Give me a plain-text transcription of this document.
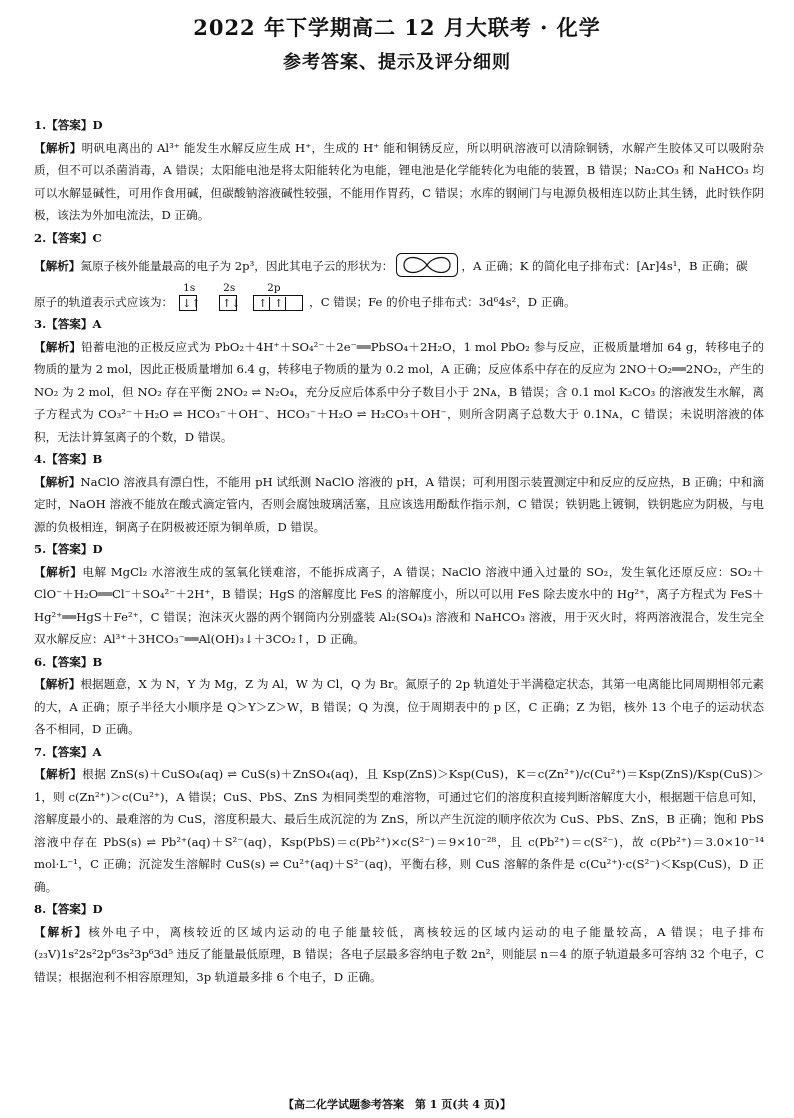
2022 年下学期高二 12 月大联考 · 化学
参考答案、提示及评分细则
1.【答案】D
【解析】明矾电离出的 Al³⁺ 能发生水解反应生成 H⁺，生成的 H⁺ 能和铜锈反应，所以明矾溶液可以清除铜锈，水解产生胶体又可以吸附杂质，但不可以杀菌消毒，A 错误；太阳能电池是将太阳能转化为电能，锂电池是化学能转化为电能的装置，B 错误；Na₂CO₃ 和 NaHCO₃ 均可以水解显碱性，可用作食用碱，但碳酸钠溶液碱性较强，不能用作胃药，C 错误；水库的钢闸门与电源负极相连以防止其生锈，此时铁作阴极，该法为外加电流法，D 正确。
2.【答案】C
【解析】 氮原子核外能量最高的电子为 2p³，因此其电子云的形状为：	，A 正确；K 的简化电子排布式：[Ar]4s¹，B 正确；碳
原子的轨道表示式应该为：
1s	2s	2p
↓↑ ↑↓ ↑ ↑ ，C 错误；Fe 的价电子排布式：3d⁶4s²，D 正确。
3.【答案】A
【解析】铅蓄电池的正极反应式为 PbO₂＋4H⁺＋SO₄²⁻＋2e⁻══PbSO₄＋2H₂O，1 mol PbO₂ 参与反应，正极质量增加 64 g，转移电子的物质的量为 2 mol，因此正极质量增加 6.4 g，转移电子物质的量为 0.2 mol，A 正确；反应体系中存在的反应为 2NO＋O₂══2NO₂，产生的 NO₂ 为 2 mol，但 NO₂ 存在平衡 2NO₂ ⇌ N₂O₄，充分反应后体系中分子数目小于 2Nᴀ，B 错误；含 0.1 mol K₂CO₃ 的溶液发生水解，离子方程式为 CO₃²⁻＋H₂O ⇌ HCO₃⁻＋OH⁻、HCO₃⁻＋H₂O ⇌ H₂CO₃＋OH⁻，则所含阴离子总数大于 0.1Nᴀ，C 错误；未说明溶液的体积，无法计算氢离子的个数，D 错误。
4.【答案】B
【解析】NaClO 溶液具有漂白性，不能用 pH 试纸测 NaClO 溶液的 pH，A 错误；可利用图示装置测定中和反应的反应热，B 正确；中和滴定时，NaOH 溶液不能放在酸式滴定管内，否则会腐蚀玻璃活塞，且应该选用酚酞作指示剂，C 错误；铁钥匙上镀铜，铁钥匙应为阴极，与电源的负极相连，铜离子在阴极被还原为铜单质，D 错误。
5.【答案】D
【解析】电解 MgCl₂ 水溶液生成的氢氧化镁难溶，不能拆成离子，A 错误；NaClO 溶液中通入过量的 SO₂，发生氧化还原反应：SO₂＋ClO⁻＋H₂O══Cl⁻＋SO₄²⁻＋2H⁺，B 错误；HgS 的溶解度比 FeS 的溶解度小，所以可以用 FeS 除去废水中的 Hg²⁺，离子方程式为 FeS＋Hg²⁺══HgS＋Fe²⁺，C 错误；泡沫灭火器的两个钢筒内分别盛装 Al₂(SO₄)₃ 溶液和 NaHCO₃ 溶液，用于灭火时，将两溶液混合，发生完全双水解反应：Al³⁺＋3HCO₃⁻══Al(OH)₃↓＋3CO₂↑，D 正确。
6.【答案】B
【解析】根据题意，X 为 N，Y 为 Mg，Z 为 Al，W 为 Cl，Q 为 Br。氮原子的 2p 轨道处于半满稳定状态，其第一电离能比同周期相邻元素的大，A 正确；原子半径大小顺序是 Q＞Y＞Z＞W，B 错误；Q 为溴，位于周期表中的 p 区，C 正确；Z 为铝，核外 13 个电子的运动状态各不相同，D 正确。
7.【答案】A
【解析】根据 ZnS(s)＋CuSO₄(aq) ⇌ CuS(s)＋ZnSO₄(aq)，且 Ksp(ZnS)＞Ksp(CuS)，K＝c(Zn²⁺)/c(Cu²⁺)＝Ksp(ZnS)/Ksp(CuS)＞1，则 c(Zn²⁺)＞c(Cu²⁺)，A 错误；CuS、PbS、ZnS 为相同类型的难溶物，可通过它们的溶度积直接判断溶解度大小，根据题干信息可知，溶解度最小的、最难溶的为 CuS，溶度积最大、最后生成沉淀的为 ZnS，所以产生沉淀的顺序依次为 CuS、PbS、ZnS，B 正确；饱和 PbS 溶液中存在 PbS(s) ⇌ Pb²⁺(aq)＋S²⁻(aq)，Ksp(PbS)＝c(Pb²⁺)×c(S²⁻)＝9×10⁻²⁸，且 c(Pb²⁺)＝c(S²⁻)，故 c(Pb²⁺)＝3.0×10⁻¹⁴ mol·L⁻¹，C 正确；沉淀发生溶解时 CuS(s) ⇌ Cu²⁺(aq)＋S²⁻(aq)，平衡右移，则 CuS 溶解的条件是 c(Cu²⁺)·c(S²⁻)＜Ksp(CuS)，D 正确。
8.【答案】D
【解析】核外电子中，离核较近的区域内运动的电子能量较低，离核较远的区域内运动的电子能量较高，A 错误；电子排布(₂₃V)1s²2s²2p⁶3s²3p⁶3d⁵ 违反了能量最低原理，B 错误；各电子层最多容纳电子数 2n²，则能层 n＝4 的原子轨道最多可容纳 32 个电子，C 错误；根据泡利不相容原理知，3p 轨道最多排 6 个电子，D 正确。
【高二化学试题参考答案　第 1 页(共 4 页)】
